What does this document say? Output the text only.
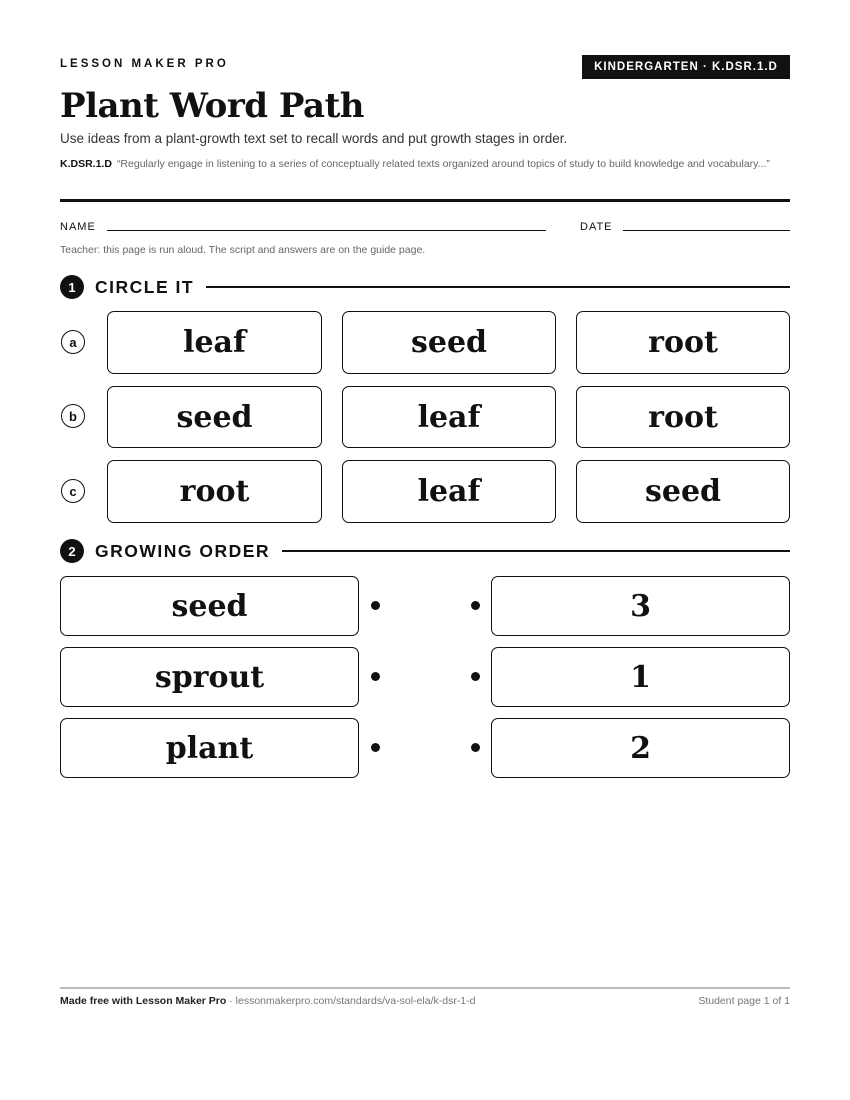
LESSON MAKER PRO	KINDERGARTEN · K.DSR.1.D
Plant Word Path
Use ideas from a plant-growth text set to recall words and put growth stages in order.
K.DSR.1.D “Regularly engage in listening to a series of conceptually related texts organized around topics of study to build knowledge and vocabulary...”
NAME	DATE
Teacher: this page is run aloud. The script and answers are on the guide page.
1	CIRCLE IT
a	leaf	seed	root
b	seed	leaf	root
c	root	leaf	seed
2	GROWING ORDER
seed	3
sprout	1
plant	2
Made free with Lesson Maker Pro · lessonmakerpro.com/standards/va-sol-ela/k-dsr-1-d	Student page 1 of 1
